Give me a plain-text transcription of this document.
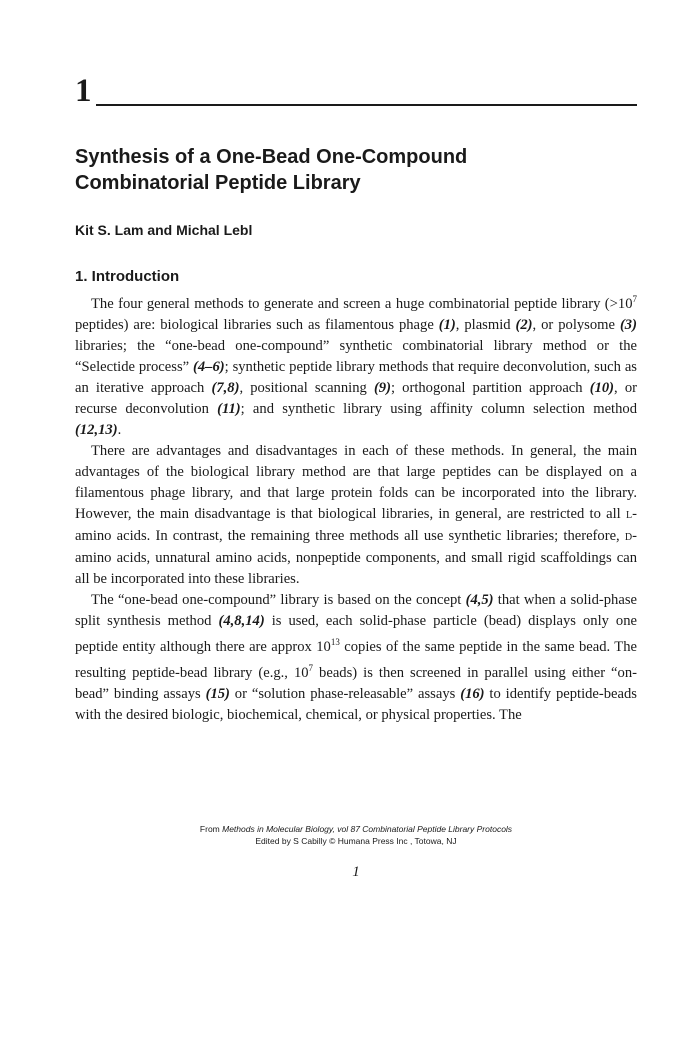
1
Synthesis of a One-Bead One-Compound
Combinatorial Peptide Library
Kit S. Lam and Michal Lebl
1. Introduction

The four general methods to generate and screen a huge combinatorial peptide library ($>10^7$ peptides) are: biological libraries such as filamentous phage (1), plasmid (2), or polysome (3) libraries; the “one-bead one-compound” synthetic combinatorial library method or the “Selectide process” (4–6); synthetic peptide library methods that require deconvolution, such as an iterative approach (7,8), positional scanning (9); orthogonal partition approach (10), or recurse deconvolution (11); and synthetic library using affinity column selection method (12,13).

There are advantages and disadvantages in each of these methods. In general, the main advantages of the biological library method are that large peptides can be displayed on a filamentous phage library, and that large protein folds can be incorporated into the library. However, the main disadvantage is that biological libraries, in general, are restricted to all L-amino acids. In contrast, the remaining three methods all use synthetic libraries; therefore, D-amino acids, unnatural amino acids, nonpeptide components, and small rigid scaffoldings can all be incorporated into these libraries.

The “one-bead one-compound” library is based on the concept (4,5) that when a solid-phase split synthesis method (4,8,14) is used, each solid-phase particle (bead) displays only one peptide entity although there are approx $10^{13}$ copies of the same peptide in the same bead. The resulting peptide-bead library (e.g., $10^7$ beads) is then screened in parallel using either “on-bead” binding assays (15) or “solution phase-releasable” assays (16) to identify peptide-beads with the desired biologic, biochemical, chemical, or physical properties. The

From Methods in Molecular Biology, vol 87 Combinatorial Peptide Library Protocols
Edited by S Cabilly © Humana Press Inc , Totowa, NJ
1
